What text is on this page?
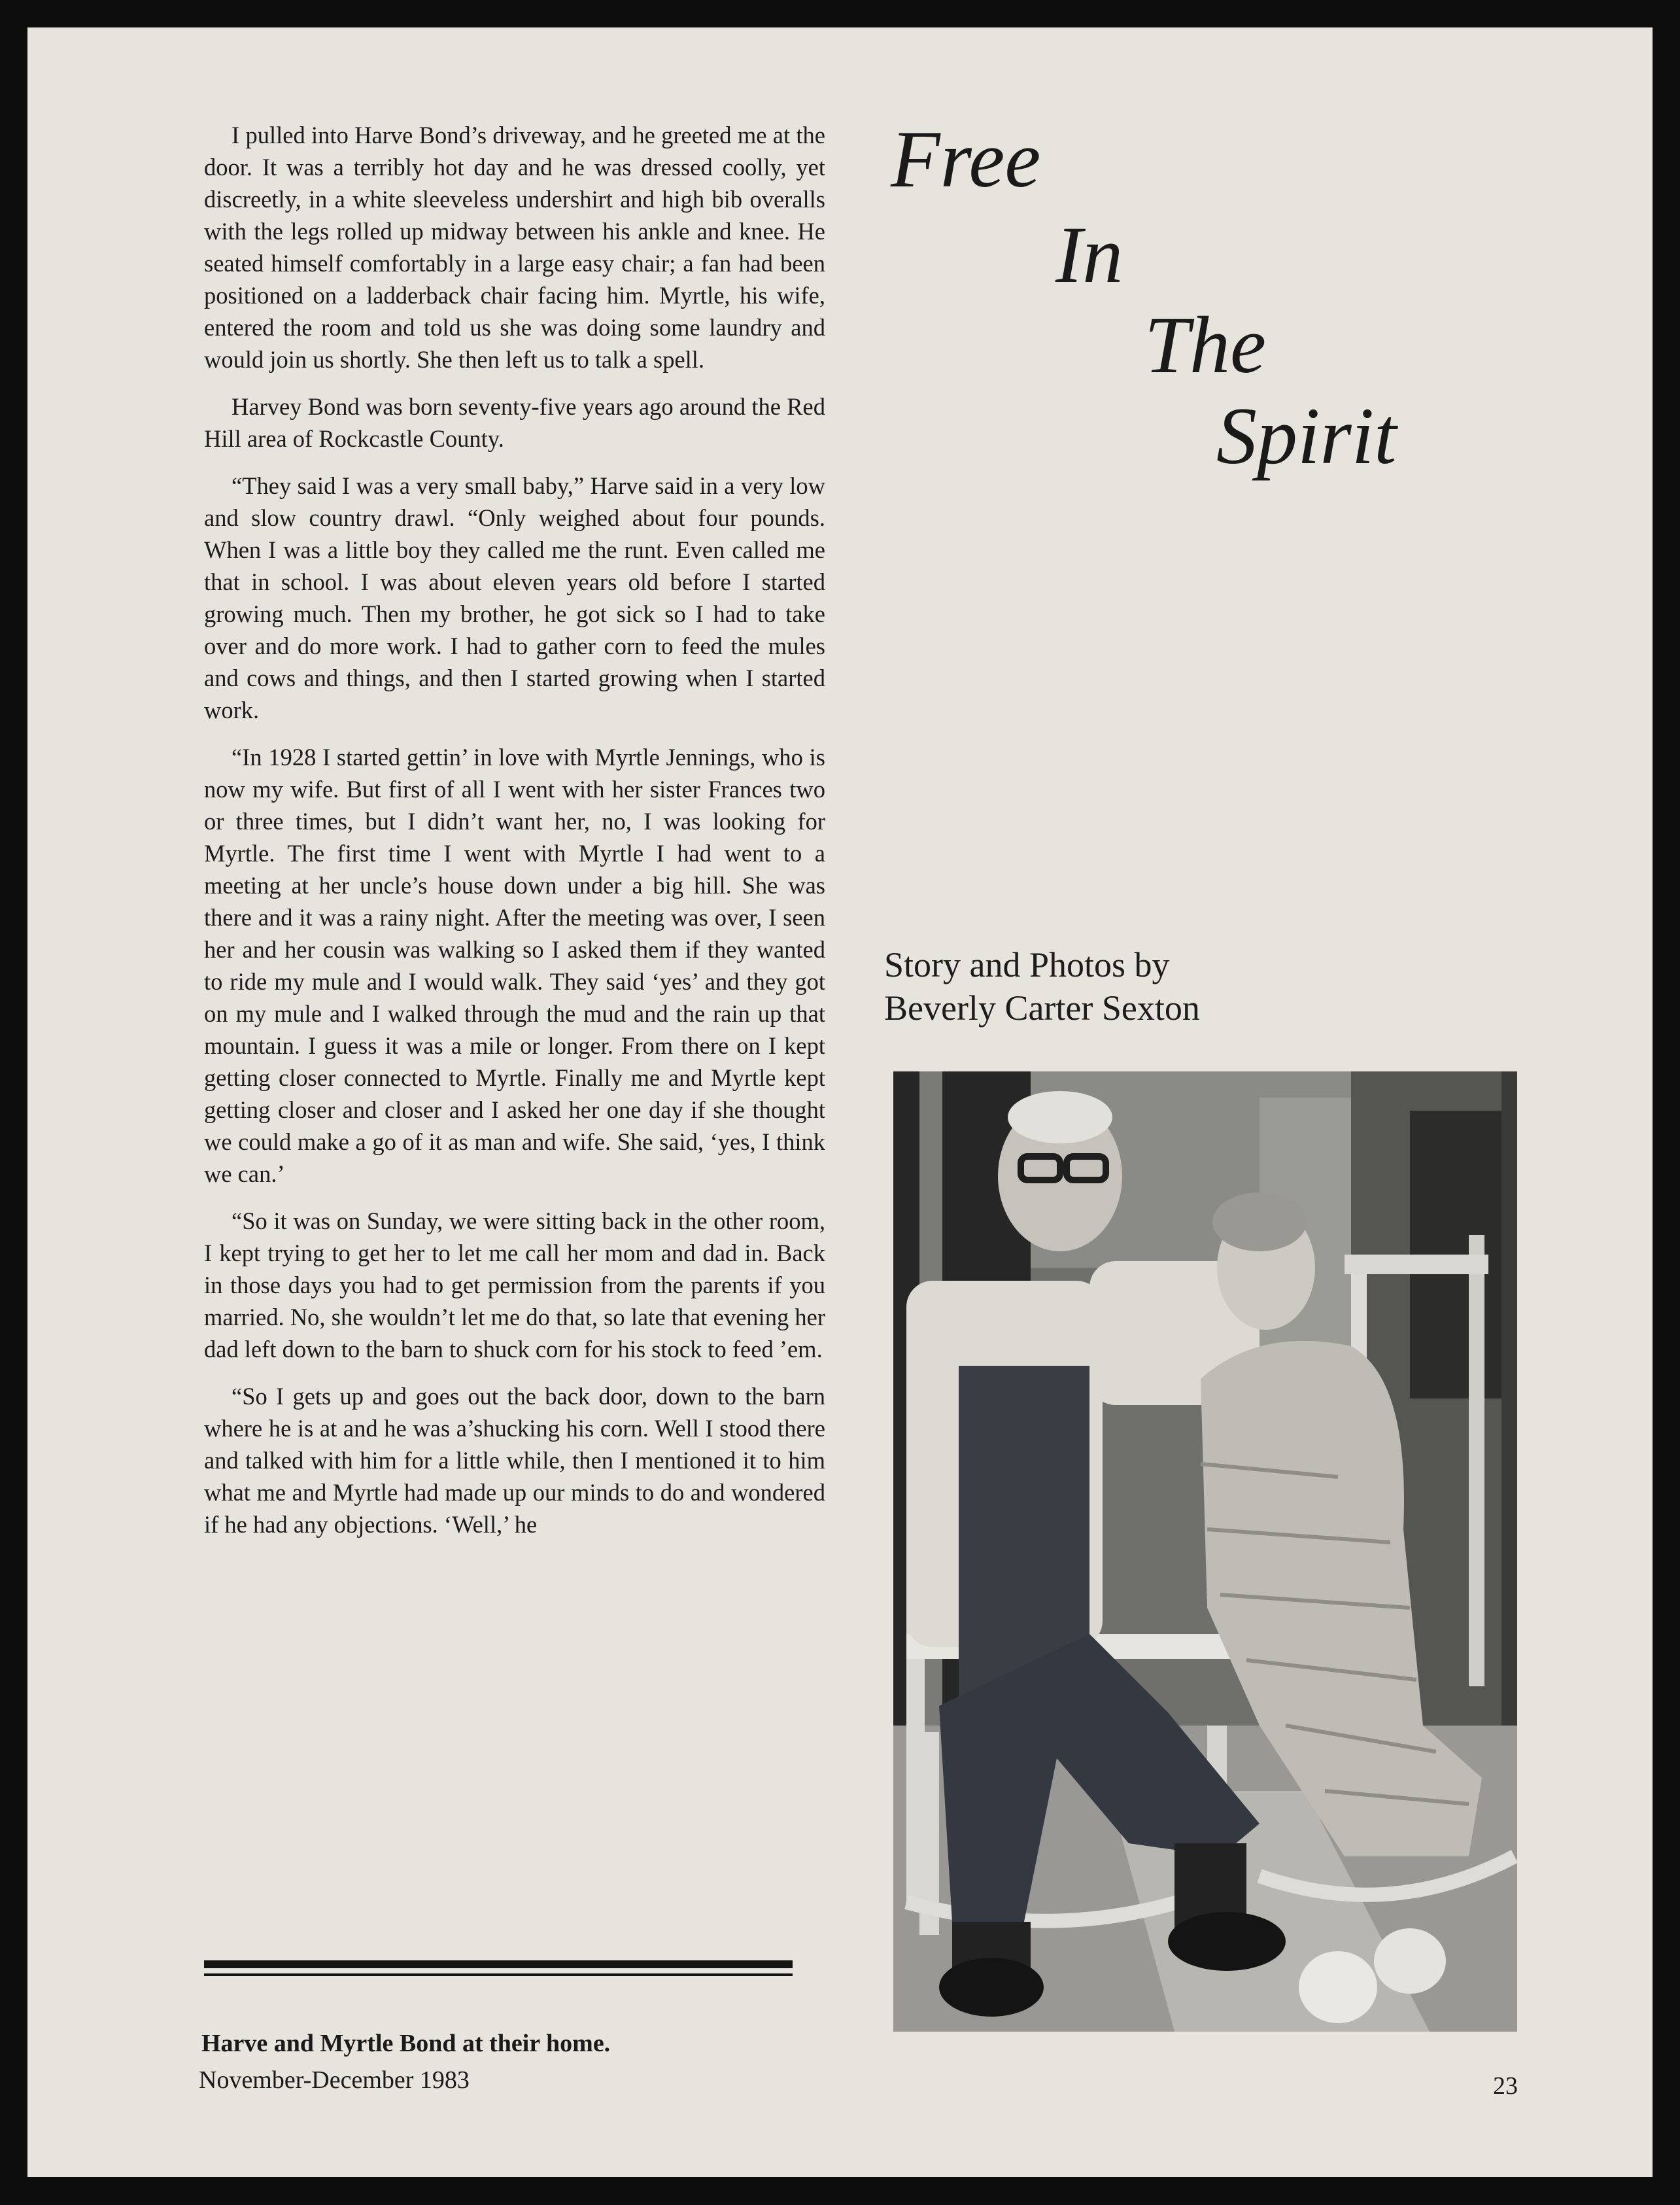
I pulled into Harve Bond’s driveway, and he greeted me at the door. It was a terribly hot day and he was dressed coolly, yet discreetly, in a white sleeveless undershirt and high bib overalls with the legs rolled up midway between his ankle and knee. He seated himself comfortably in a large easy chair; a fan had been positioned on a ladderback chair facing him. Myrtle, his wife, entered the room and told us she was doing some laundry and would join us shortly. She then left us to talk a spell.

Harvey Bond was born seventy-five years ago around the Red Hill area of Rockcastle County.

“They said I was a very small baby,” Harve said in a very low and slow country drawl. “Only weighed about four pounds. When I was a little boy they called me the runt. Even called me that in school. I was about eleven years old before I started growing much. Then my brother, he got sick so I had to take over and do more work. I had to gather corn to feed the mules and cows and things, and then I started growing when I started work.

“In 1928 I started gettin’ in love with Myrtle Jennings, who is now my wife. But first of all I went with her sister Frances two or three times, but I didn’t want her, no, I was looking for Myrtle. The first time I went with Myrtle I had went to a meeting at her uncle’s house down under a big hill. She was there and it was a rainy night. After the meeting was over, I seen her and her cousin was walking so I asked them if they wanted to ride my mule and I would walk. They said ‘yes’ and they got on my mule and I walked through the mud and the rain up that mountain. I guess it was a mile or longer. From there on I kept getting closer connected to Myrtle. Finally me and Myrtle kept getting closer and closer and I asked her one day if she thought we could make a go of it as man and wife. She said, ‘yes, I think we can.’

“So it was on Sunday, we were sitting back in the other room, I kept trying to get her to let me call her mom and dad in. Back in those days you had to get permission from the parents if you married. No, she wouldn’t let me do that, so late that evening her dad left down to the barn to shuck corn for his stock to feed ’em.

“So I gets up and goes out the back door, down to the barn where he is at and he was a’shucking his corn. Well I stood there and talked with him for a little while, then I mentioned it to him what me and Myrtle had made up our minds to do and wondered if he had any objections. ‘Well,’ he

Free
In
The
Spirit
Story and Photos by
Beverly Carter Sexton
Harve and Myrtle Bond at their home.
November-December 1983	23
